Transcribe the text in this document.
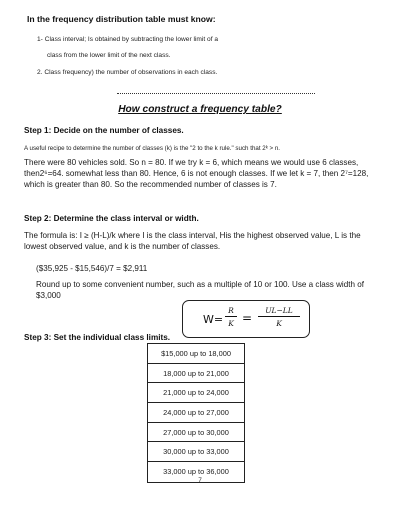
In the frequency distribution table must know:
1- Class interval; Is obtained by subtracting the lower limit of a
class from the lower limit of the next class.
2. Class frequency) the number of observations in each class.
How construct a frequency table?
Step 1: Decide on the number of classes.
A useful recipe to determine the number of classes (k) is the "2 to the k rule." such that 2ᵏ > n.
There were 80 vehicles sold. So n = 80. If we try k = 6, which means we would use 6 classes, then2⁶=64. somewhat less than 80. Hence, 6 is not enough classes. If we let k = 7, then 2⁷=128, which is greater than 80. So the recommended number of classes is 7.
Step 2: Determine the class interval or width.
The formula is: I ≥ (H-L)/k where I is the class interval, His the highest observed value, L is the lowest observed value, and k is the number of classes.
($35,925 - $15,546)/7 = $2,911
Round up to some convenient number, such as a multiple of 10 or 100. Use a class width of $3,000
$W= \frac{R}{K} = \frac{UL-LL}{K}$
Step 3: Set the individual class limits.
$15,000 up to 18,000
18,000 up to 21,000
21,000 up to 24,000
24,000 up to 27,000
27,000 up to 30,000
30,000 up to 33,000
33,000 up to 36,000
7
